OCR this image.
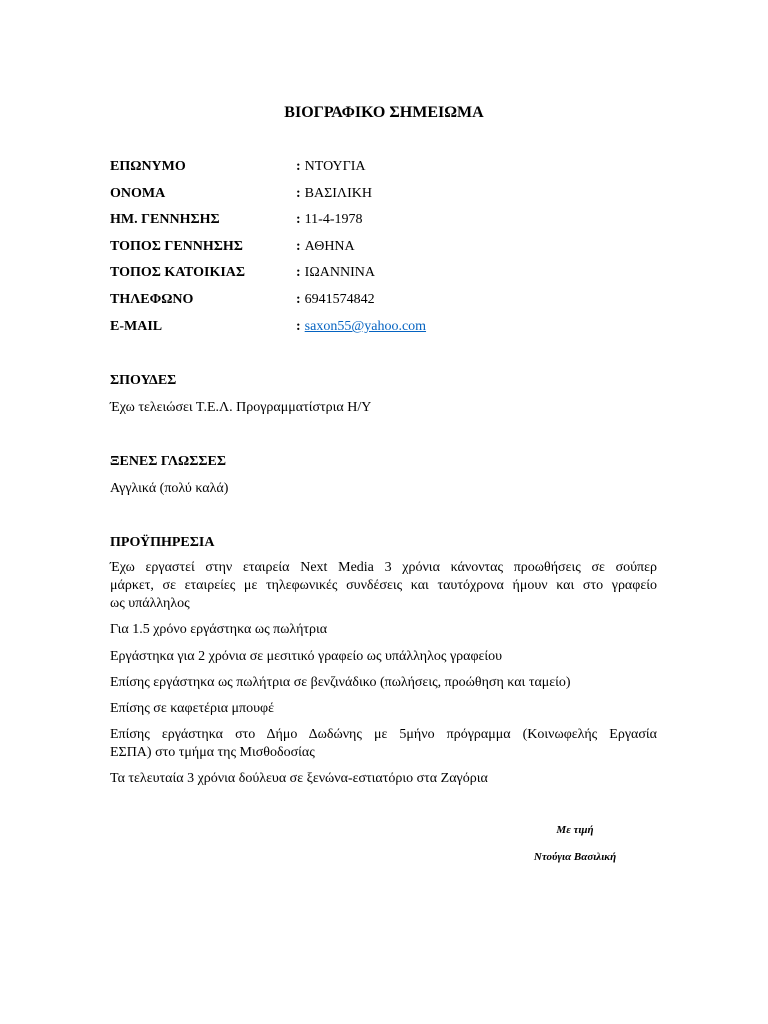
ΒΙΟΓΡΑΦΙΚΟ ΣΗΜΕΙΩΜΑ
ΕΠΩΝΥΜΟ	: ΝΤΟΥΓΙΑ
ΟΝΟΜΑ	: ΒΑΣΙΛΙΚΗ
ΗΜ. ΓΕΝΝΗΣΗΣ	: 11-4-1978
ΤΟΠΟΣ ΓΕΝΝΗΣΗΣ	: ΑΘΗΝΑ
ΤΟΠΟΣ ΚΑΤΟΙΚΙΑΣ	: ΙΩΑΝΝΙΝΑ
ΤΗΛΕΦΩΝΟ	: 6941574842
E-MAIL	: saxon55@yahoo.com
ΣΠΟΥΔΕΣ

Έχω τελειώσει Τ.Ε.Λ. Προγραμματίστρια Η/Υ

ΞΕΝΕΣ ΓΛΩΣΣΕΣ

Αγγλικά (πολύ καλά)

ΠΡΟΫΠΗΡΕΣΙΑ

Έχω εργαστεί στην εταιρεία Next Media 3 χρόνια κάνοντας προωθήσεις σε σούπερ
μάρκετ, σε εταιρείες με τηλεφωνικές συνδέσεις και ταυτόχρονα ήμουν και στο γραφείο
ως υπάλληλος

Για 1.5 χρόνο εργάστηκα ως πωλήτρια

Εργάστηκα για 2 χρόνια σε μεσιτικό γραφείο ως υπάλληλος γραφείου

Επίσης εργάστηκα ως πωλήτρια σε βενζινάδικο (πωλήσεις, προώθηση και ταμείο)

Επίσης σε καφετέρια μπουφέ

Επίσης εργάστηκα στο Δήμο Δωδώνης με 5μήνο πρόγραμμα (Κοινωφελής Εργασία
ΕΣΠΑ) στο τμήμα της Μισθοδοσίας

Τα τελευταία 3 χρόνια δούλευα σε ξενώνα-εστιατόριο στα Ζαγόρια

Με τιμή

Ντούγια Βασιλική
